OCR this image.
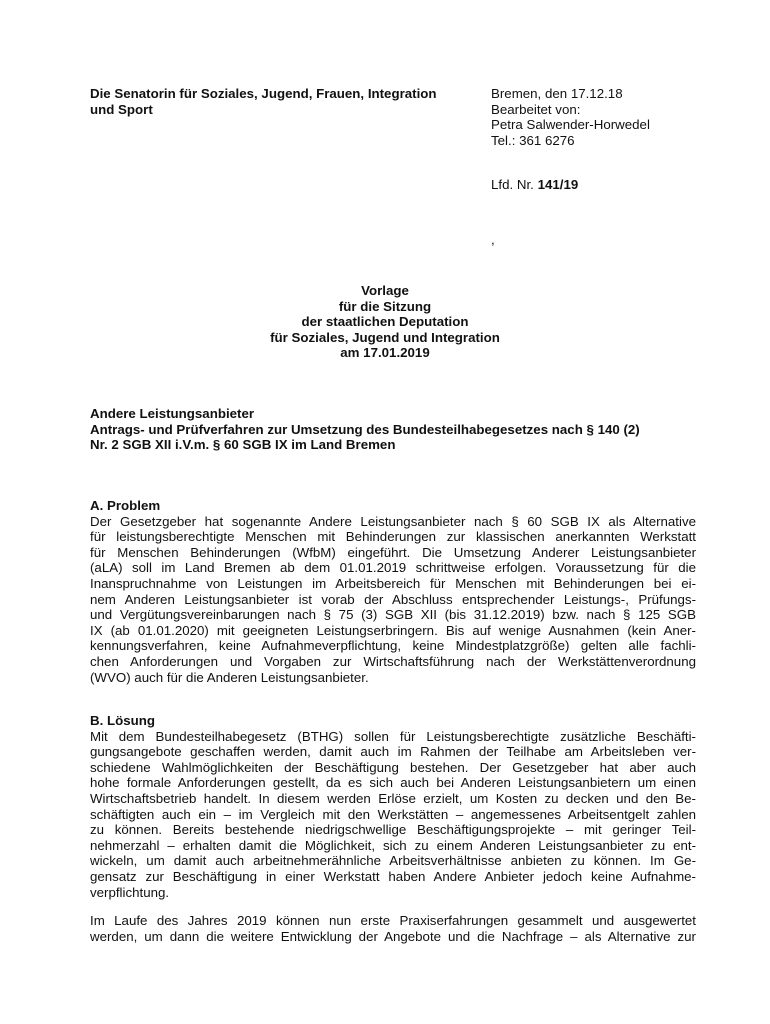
Die Senatorin für Soziales, Jugend, Frauen, Integration
und Sport
Bremen, den 17.12.18
Bearbeitet von:
Petra Salwender-Horwedel
Tel.: 361 6276
Lfd. Nr. 141/19
,
Vorlage
für die Sitzung
der staatlichen Deputation
für Soziales, Jugend und Integration
am 17.01.2019
Andere Leistungsanbieter
Antrags- und Prüfverfahren zur Umsetzung des Bundesteilhabegesetzes nach § 140 (2)
Nr. 2 SGB XII i.V.m. § 60 SGB IX im Land Bremen
A. Problem
Der Gesetzgeber hat sogenannte Andere Leistungsanbieter nach § 60 SGB IX als Alternative
für leistungsberechtigte Menschen mit Behinderungen zur klassischen anerkannten Werkstatt
für Menschen Behinderungen (WfbM) eingeführt. Die Umsetzung Anderer Leistungsanbieter
(aLA) soll im Land Bremen ab dem 01.01.2019 schrittweise erfolgen. Voraussetzung für die
Inanspruchnahme von Leistungen im Arbeitsbereich für Menschen mit Behinderungen bei ei-
nem Anderen Leistungsanbieter ist vorab der Abschluss entsprechender Leistungs-, Prüfungs-
und Vergütungsvereinbarungen nach § 75 (3) SGB XII (bis 31.12.2019) bzw. nach § 125 SGB
IX (ab 01.01.2020) mit geeigneten Leistungserbringern. Bis auf wenige Ausnahmen (kein Aner-
kennungsverfahren, keine Aufnahmeverpflichtung, keine Mindestplatzgröße) gelten alle fachli-
chen Anforderungen und Vorgaben zur Wirtschaftsführung nach der Werkstättenverordnung
(WVO) auch für die Anderen Leistungsanbieter.
B. Lösung
Mit dem Bundesteilhabegesetz (BTHG) sollen für Leistungsberechtigte zusätzliche Beschäfti-
gungsangebote geschaffen werden, damit auch im Rahmen der Teilhabe am Arbeitsleben ver-
schiedene Wahlmöglichkeiten der Beschäftigung bestehen. Der Gesetzgeber hat aber auch
hohe formale Anforderungen gestellt, da es sich auch bei Anderen Leistungsanbietern um einen
Wirtschaftsbetrieb handelt. In diesem werden Erlöse erzielt, um Kosten zu decken und den Be-
schäftigten auch ein – im Vergleich mit den Werkstätten – angemessenes Arbeitsentgelt zahlen
zu können. Bereits bestehende niedrigschwellige Beschäftigungsprojekte – mit geringer Teil-
nehmerzahl – erhalten damit die Möglichkeit, sich zu einem Anderen Leistungsanbieter zu ent-
wickeln, um damit auch arbeitnehmerähnliche Arbeitsverhältnisse anbieten zu können. Im Ge-
gensatz zur Beschäftigung in einer Werkstatt haben Andere Anbieter jedoch keine Aufnahme-
verpflichtung.
Im Laufe des Jahres 2019 können nun erste Praxiserfahrungen gesammelt und ausgewertet
werden, um dann die weitere Entwicklung der Angebote und die Nachfrage – als Alternative zur
